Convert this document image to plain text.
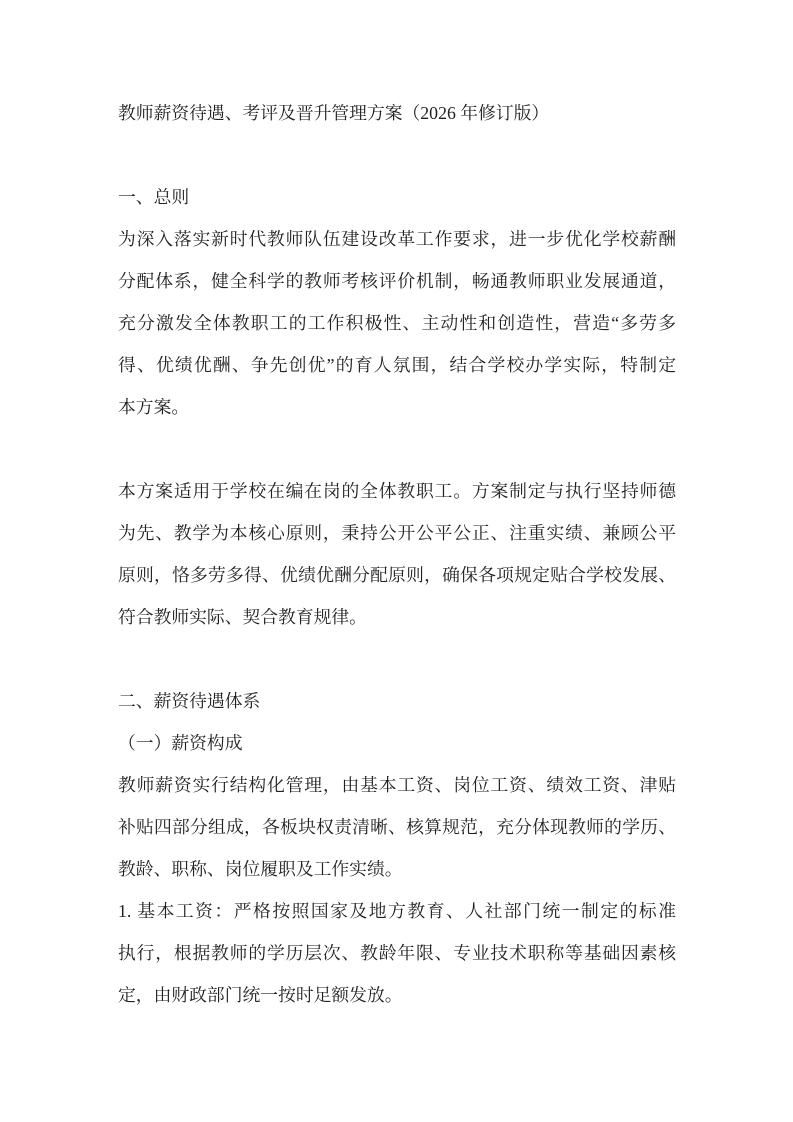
教师薪资待遇、考评及晋升管理方案（2026 年修订版）
一、总则
为深入落实新时代教师队伍建设改革工作要求，进一步优化学校薪酬
分配体系，健全科学的教师考核评价机制，畅通教师职业发展通道，
充分激发全体教职工的工作积极性、主动性和创造性，营造“多劳多
得、优绩优酬、争先创优”的育人氛围，结合学校办学实际，特制定
本方案。
本方案适用于学校在编在岗的全体教职工。方案制定与执行坚持师德
为先、教学为本核心原则，秉持公开公平公正、注重实绩、兼顾公平
原则，恪多劳多得、优绩优酬分配原则，确保各项规定贴合学校发展、
符合教师实际、契合教育规律。
二、薪资待遇体系
（一）薪资构成
教师薪资实行结构化管理，由基本工资、岗位工资、绩效工资、津贴
补贴四部分组成，各板块权责清晰、核算规范，充分体现教师的学历、
教龄、职称、岗位履职及工作实绩。
1. 基本工资：严格按照国家及地方教育、人社部门统一制定的标准
执行，根据教师的学历层次、教龄年限、专业技术职称等基础因素核
定，由财政部门统一按时足额发放。
